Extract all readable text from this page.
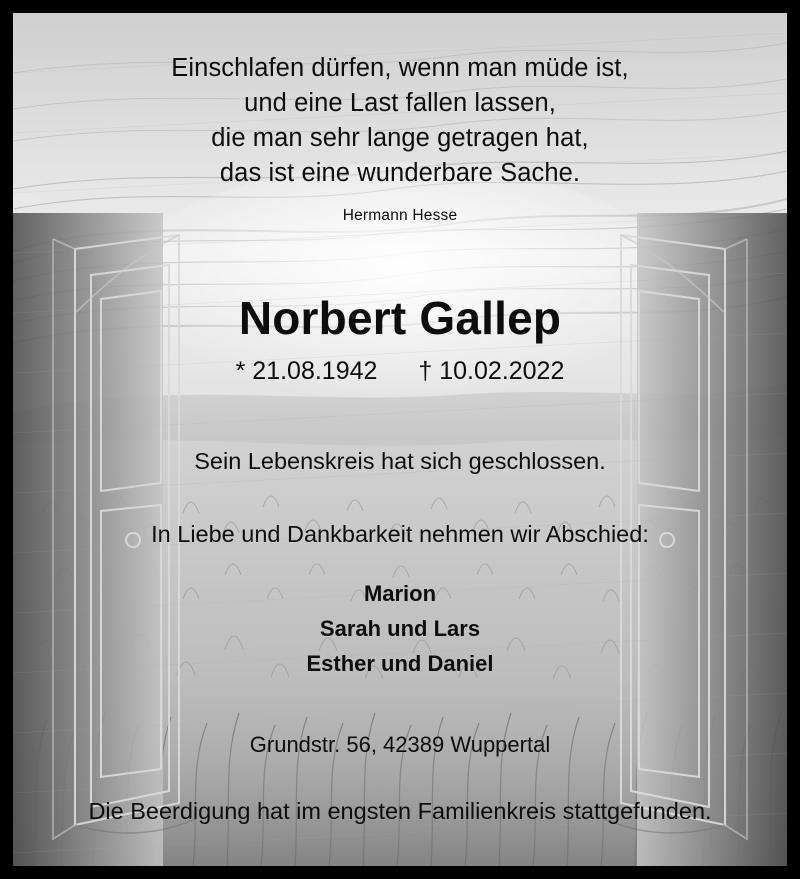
Einschlafen dürfen, wenn man müde ist,
und eine Last fallen lassen,
die man sehr lange getragen hat,
das ist eine wunderbare Sache.
Hermann Hesse
Norbert Gallep
* 21.08.1942 † 10.02.2022
Sein Lebenskreis hat sich geschlossen.
In Liebe und Dankbarkeit nehmen wir Abschied:
Marion
Sarah und Lars
Esther und Daniel
Grundstr. 56, 42389 Wuppertal
Die Beerdigung hat im engsten Familienkreis stattgefunden.
